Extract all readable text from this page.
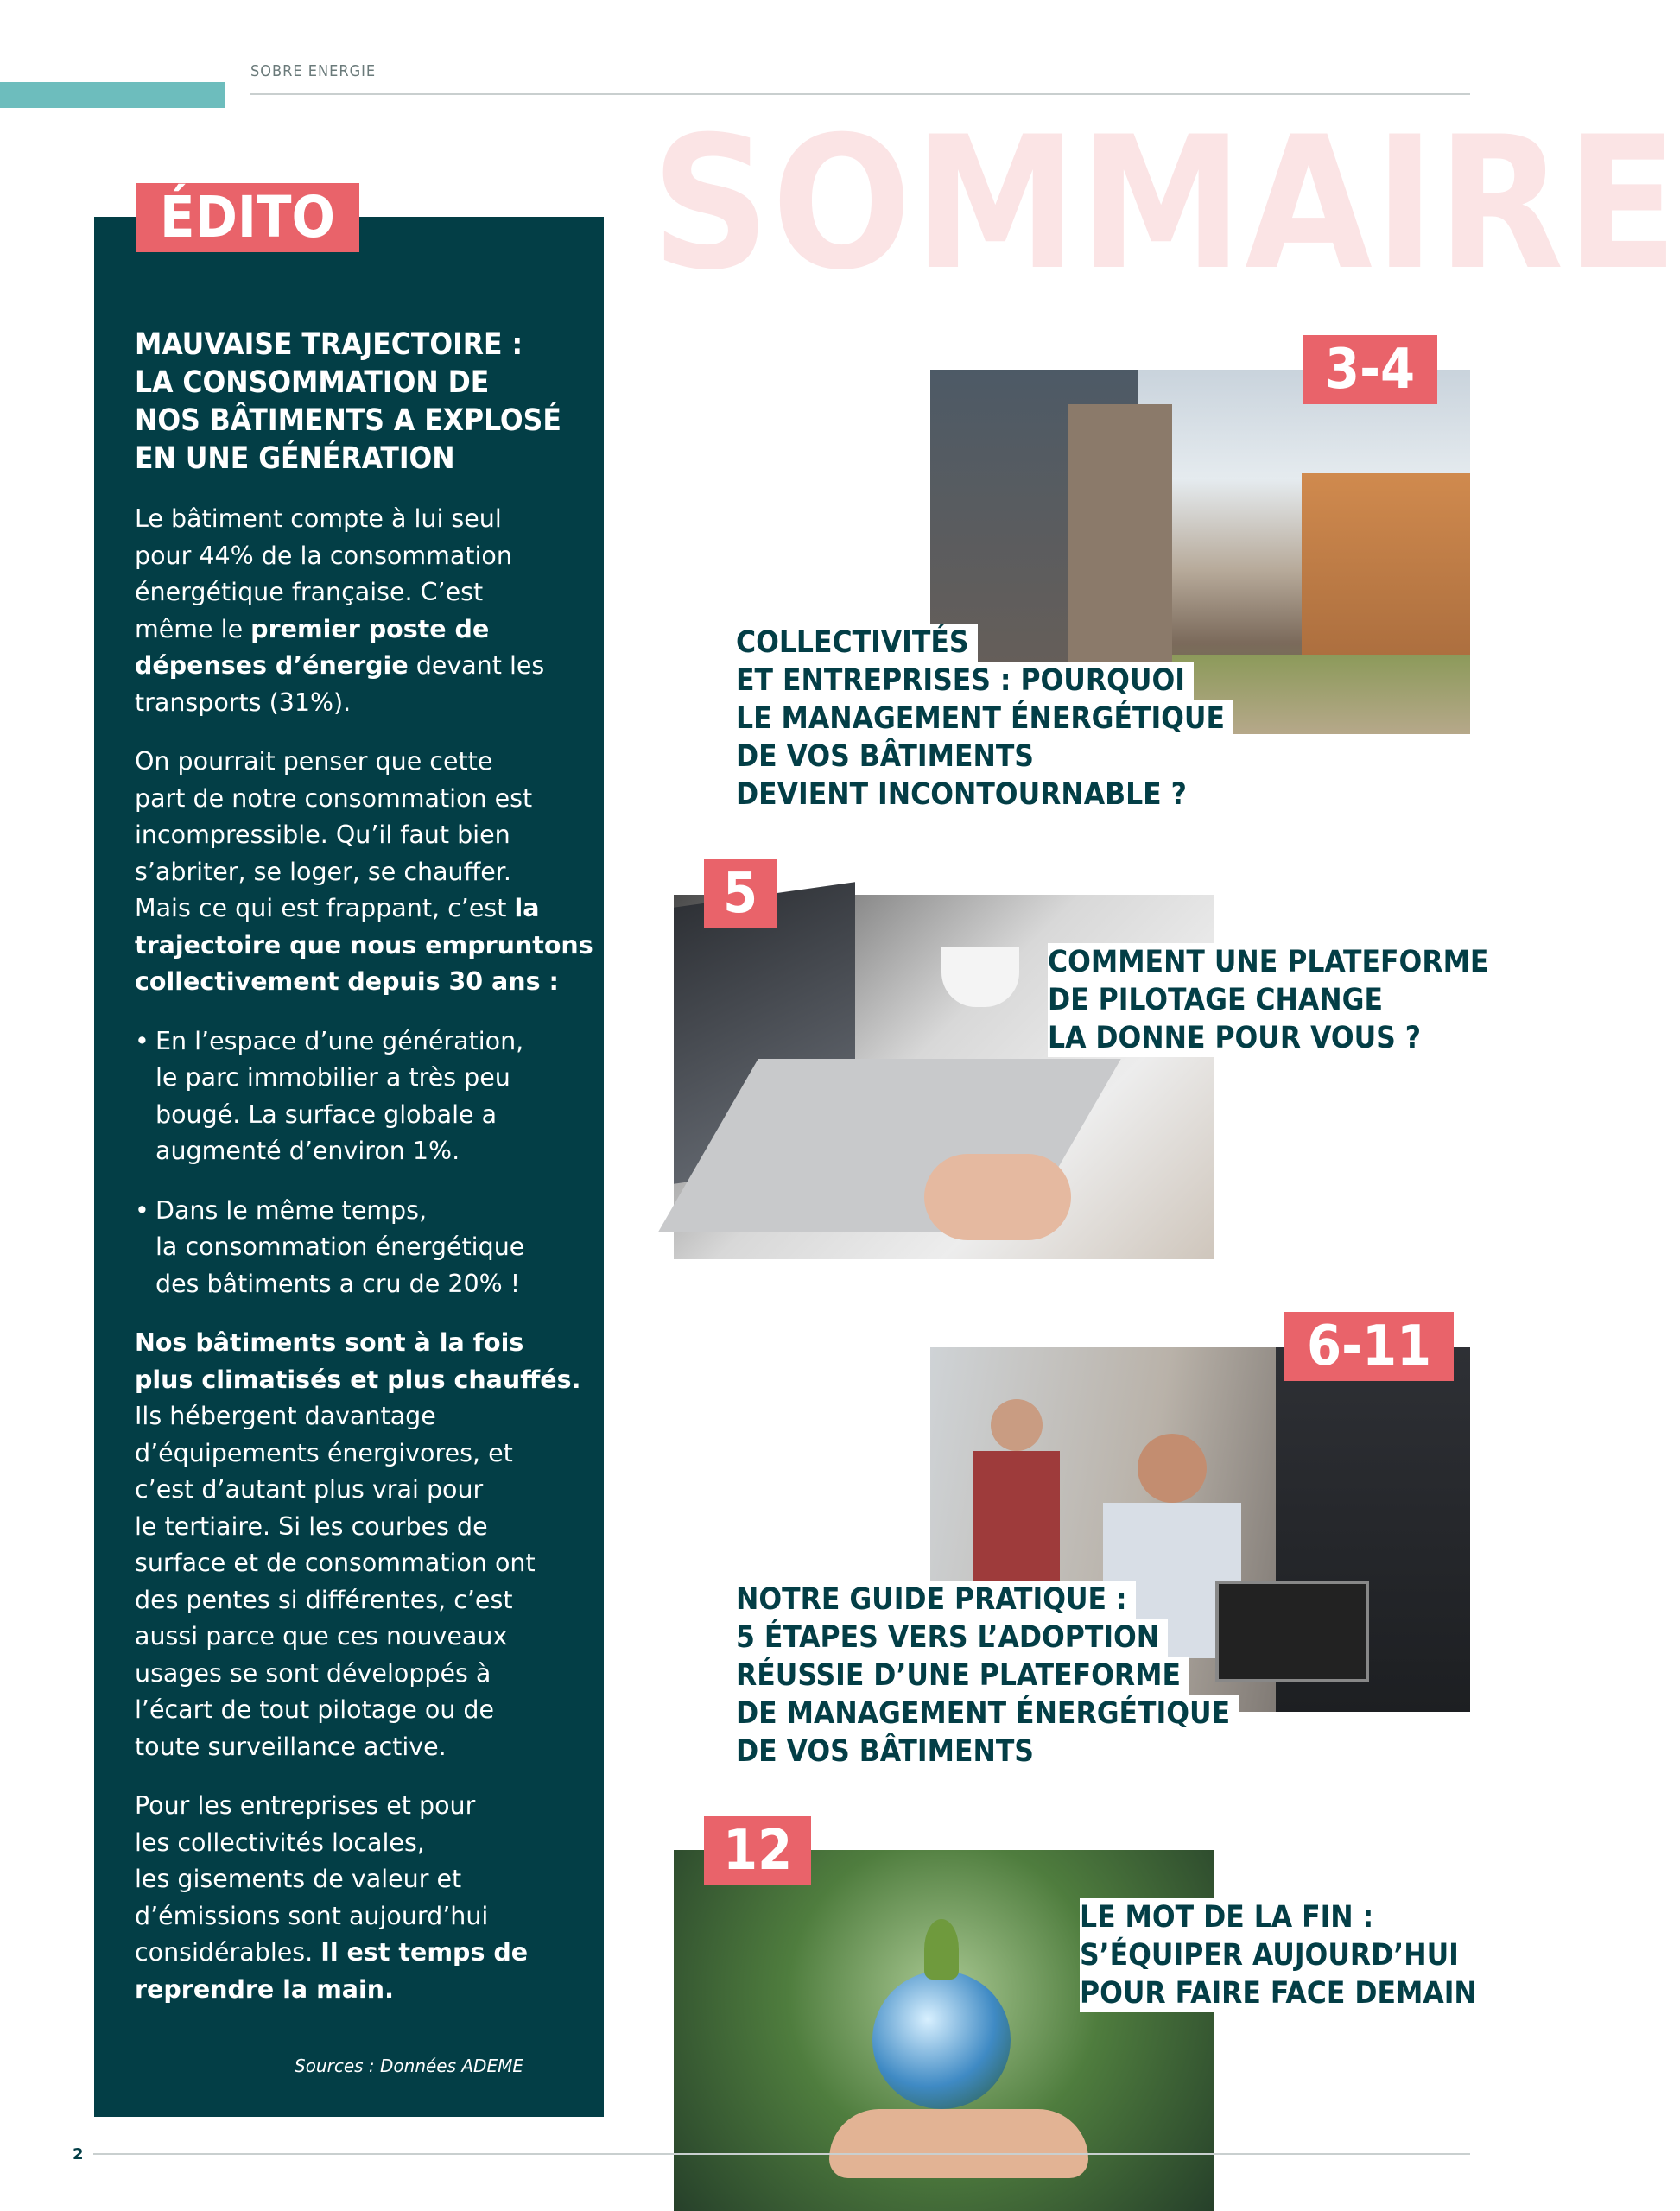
SOBRE ENERGIE
SOMMAIRE
ÉDITO
MAUVAISE TRAJECTOIRE :
LA CONSOMMATION DE
NOS BÂTIMENTS A EXPLOSÉ
EN UNE GÉNÉRATION
Le bâtiment compte à lui seul
pour 44% de la consommation
énergétique française. C’est
même le premier poste de
dépenses d’énergie devant les
transports (31%).
On pourrait penser que cette
part de notre consommation est
incompressible. Qu’il faut bien
s’abriter, se loger, se chauffer.
Mais ce qui est frappant, c’est la
trajectoire que nous empruntons
collectivement depuis 30 ans :
• En l’espace d’une génération,
le parc immobilier a très peu
bougé. La surface globale a
augmenté d’environ 1%.
• Dans le même temps,
la consommation énergétique
des bâtiments a cru de 20% !
Nos bâtiments sont à la fois
plus climatisés et plus chauffés.
Ils hébergent davantage
d’équipements énergivores, et
c’est d’autant plus vrai pour
le tertiaire. Si les courbes de
surface et de consommation ont
des pentes si différentes, c’est
aussi parce que ces nouveaux
usages se sont développés à
l’écart de tout pilotage ou de
toute surveillance active.
Pour les entreprises et pour
les collectivités locales,
les gisements de valeur et
d’émissions sont aujourd’hui
considérables. Il est temps de
reprendre la main.
Sources : Données ADEME
3-4
5
6-11
12
COLLECTIVITÉS
ET ENTREPRISES : POURQUOI
LE MANAGEMENT ÉNERGÉTIQUE
DE VOS BÂTIMENTS
DEVIENT INCONTOURNABLE ?
COMMENT UNE PLATEFORME
DE PILOTAGE CHANGE
LA DONNE POUR VOUS ?
NOTRE GUIDE PRATIQUE :
5 ÉTAPES VERS L’ADOPTION
RÉUSSIE D’UNE PLATEFORME
DE MANAGEMENT ÉNERGÉTIQUE
DE VOS BÂTIMENTS
LE MOT DE LA FIN :
S’ÉQUIPER AUJOURD’HUI
POUR FAIRE FACE DEMAIN
2
